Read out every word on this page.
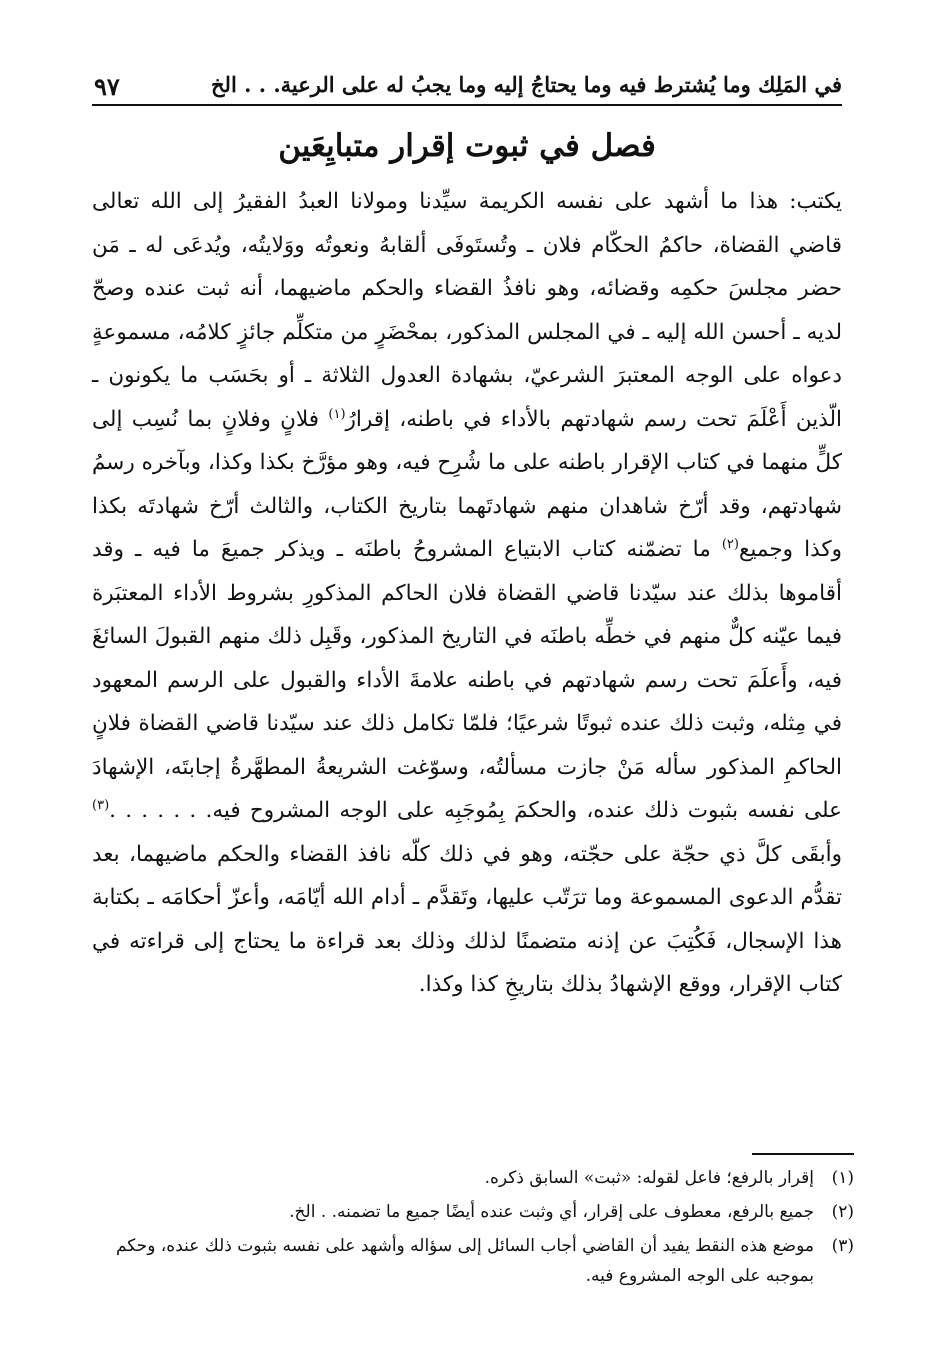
في المَلِك وما يُشترط فيه وما يحتاجُ إليه وما يجبُ له على الرعية. . . الخ
٩٧
فصل في ثبوت إقرار متبايِعَين

يكتب: هذا ما أشهد على نفسه الكريمة سيِّدنا ومولانا العبدُ الفقيرُ إلى الله تعالى قاضي القضاة، حاكمُ الحكّام فلان ـ وتُستَوفَى ألقابهُ ونعوتُه ووَلايتُه، ويُدعَى له ـ مَن حضر مجلسَ حكمِه وقضائه، وهو نافذُ القضاء والحكم ماضيهما، أنه ثبت عنده وصحّ لديه ـ أحسن الله إليه ـ في المجلس المذكور، بمحْضَرٍ من متكلِّم جائزٍ كلامُه، مسموعةٍ دعواه على الوجه المعتبرَ الشرعيّ، بشهادة العدول الثلاثة ـ أو بحَسَب ما يكونون ـ الّذين أَعْلَمَ تحت رسم شهادتهم بالأداء في باطنه، إقرارُ$^{(١)}$ فلانٍ وفلانٍ بما نُسِب إلى كلٍّ منهما في كتاب الإقرار باطنه على ما شُرِح فيه، وهو مؤرَّخ بكذا وكذا، وبآخره رسمُ شهادتهم، وقد أرّخ شاهدان منهم شهادتَهما بتاريخ الكتاب، والثالث أرّخ شهادتَه بكذا وكذا وجميع$^{(٢)}$ ما تضمّنه كتاب الابتياع المشروحُ باطنَه ـ ويذكر جميعَ ما فيه ـ وقد أقاموها بذلك عند سيّدنا قاضي القضاة فلان الحاكم المذكورِ بشروط الأداء المعتبَرة فيما عيّنه كلٌّ منهم في خطِّه باطنَه في التاريخ المذكور، وقَبِل ذلك منهم القبولَ السائغَ فيه، وأَعلَمَ تحت رسم شهادتهم في باطنه علامةَ الأداء والقبول على الرسم المعهود في مِثله، وثبت ذلك عنده ثبوتًا شرعيًا؛ فلمّا تكامل ذلك عند سيّدنا قاضي القضاة فلانٍ الحاكمِ المذكور سأله مَنْ جازت مسألتُه، وسوّغت الشريعةُ المطهَّرةُ إجابتَه، الإشهادَ على نفسه بثبوت ذلك عنده، والحكمَ بِمُوجَبِه على الوجه المشروح فيه. . . . . . .$^{(٣)}$ وأبقَى كلَّ ذي حجّة على حجّته، وهو في ذلك كلّه نافذ القضاء والحكم ماضيهما، بعد تقدُّم الدعوى المسموعة وما ترَتّب عليها، وتَقدَّم ـ أدام الله أيّامَه، وأعزّ أحكامَه ـ بكتابة هذا الإسجال، فَكُتِبَ عن إذنه متضمنًا لذلك وذلك بعد قراءة ما يحتاج إلى قراءته في كتاب الإقرار، ووقع الإشهادُ بذلك بتاريخِ كذا وكذا.

(١)
إقرار بالرفع؛ فاعل لقوله: «ثبت» السابق ذكره.
(٢)
جميع بالرفع، معطوف على إقرار، أي وثبت عنده أيضًا جميع ما تضمنه. . الخ.
(٣)
موضع هذه النقط يفيد أن القاضي أجاب السائل إلى سؤاله وأشهد على نفسه بثبوت ذلك عنده، وحكم بموجبه على الوجه المشروع فيه.
